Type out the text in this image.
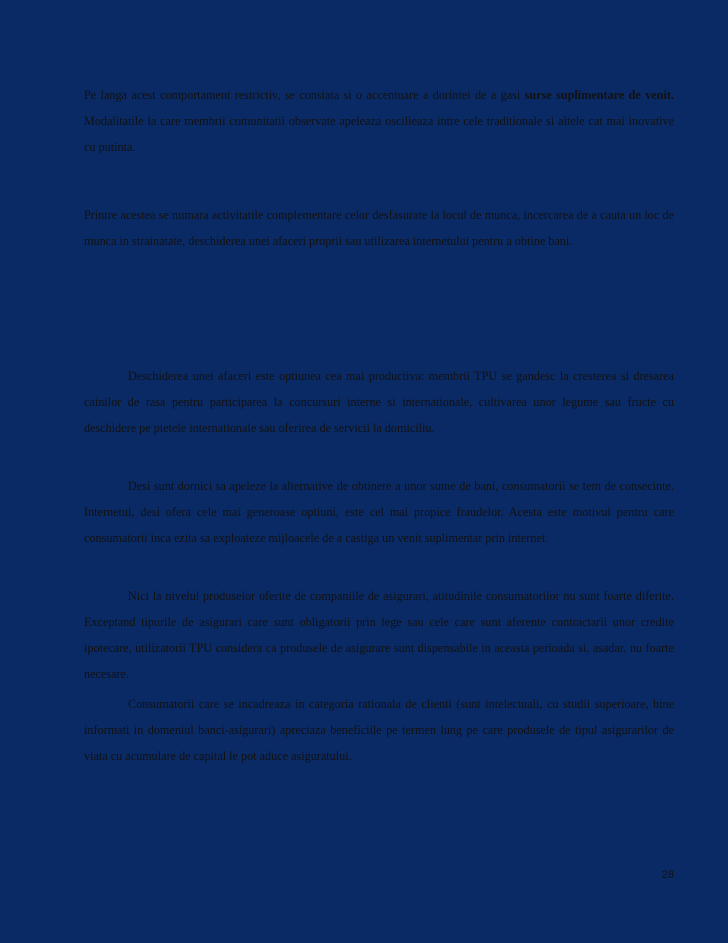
Pe langa acest comportament restrictiv, se constata si o accentuare a dorintei de a gasi surse suplimentare de venit. Modalitatile la care membrii comunitatii observate apeleaza oscilieaza intre cele traditionale si altele cat mai inovative cu putinta.

Printre acestea se numara activitatile complementare celor desfasurate la locul de munca, incercarea de a cauta un loc de munca in strainatate, deschiderea unei afaceri proprii sau utilizarea internetului pentru a obtine bani.

Deschiderea unei afaceri este optiunea cea mai productiva: membrii TPU se gandesc la cresterea si dresarea cainilor de rasa pentru participarea la concursuri interne si internationale, cultivarea unor legume sau fructe cu deschidere pe pietele internationale sau oferirea de servicii la domiciliu.

Desi sunt dornici sa apeleze la alternative de obtinere a unor sume de bani, consumatorii se tem de consecinte. Internetul, desi ofera cele mai generoase optiuni, este cel mai propice fraudelor. Acesta este motivul pentru care consumatorii inca ezita sa exploateze mijloacele de a castiga un venit suplimentar prin internet.

Nici la nivelul produselor oferite de companiile de asigurari, atitudinile consumatorilor nu sunt foarte diferite. Exceptand tipurile de asigurari care sunt obligatorii prin lege sau cele care sunt aferente contractarii unor credite ipotecare, utilizatorii TPU considera ca produsele de asigurare sunt dispensabile in aceasta perioada si, asadar, nu foarte necesare.

Consumatorii care se incadreaza in categoria rationala de clienti (sunt intelectuali, cu studii superioare, bine informati in domeniul banci-asigurari) apreciaza beneficiile pe termen lung pe care produsele de tipul asigurarilor de viata cu acumulare de capital le pot aduce asiguratului.

28
